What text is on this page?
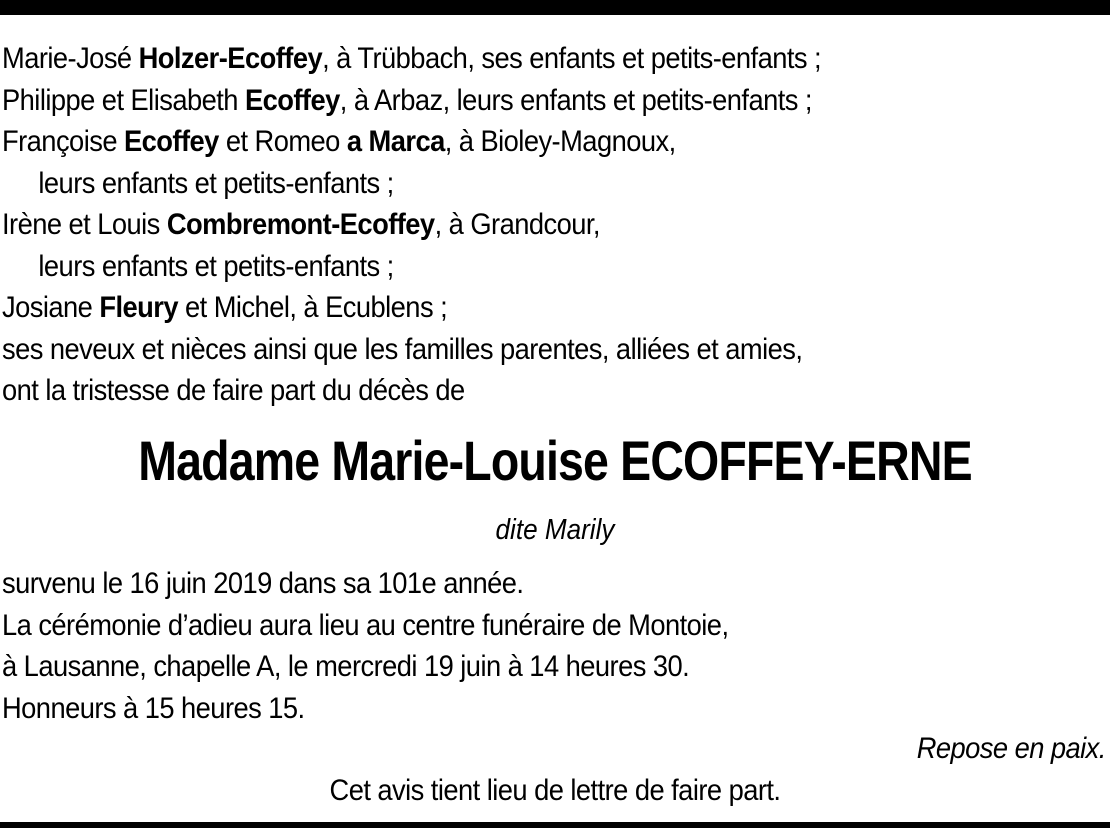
Marie-José Holzer-Ecoffey, à Trübbach, ses enfants et petits-enfants ;
Philippe et Elisabeth Ecoffey, à Arbaz, leurs enfants et petits-enfants ;
Françoise Ecoffey et Romeo a Marca, à Bioley-Magnoux,
leurs enfants et petits-enfants ;
Irène et Louis Combremont-Ecoffey, à Grandcour,
leurs enfants et petits-enfants ;
Josiane Fleury et Michel, à Ecublens ;
ses neveux et nièces ainsi que les familles parentes, alliées et amies,
ont la tristesse de faire part du décès de
Madame Marie-Louise ECOFFEY-ERNE
dite Marily
survenu le 16 juin 2019 dans sa 101e année.
La cérémonie d’adieu aura lieu au centre funéraire de Montoie,
à Lausanne, chapelle A, le mercredi 19 juin à 14 heures 30.
Honneurs à 15 heures 15.
Repose en paix.
Cet avis tient lieu de lettre de faire part.
